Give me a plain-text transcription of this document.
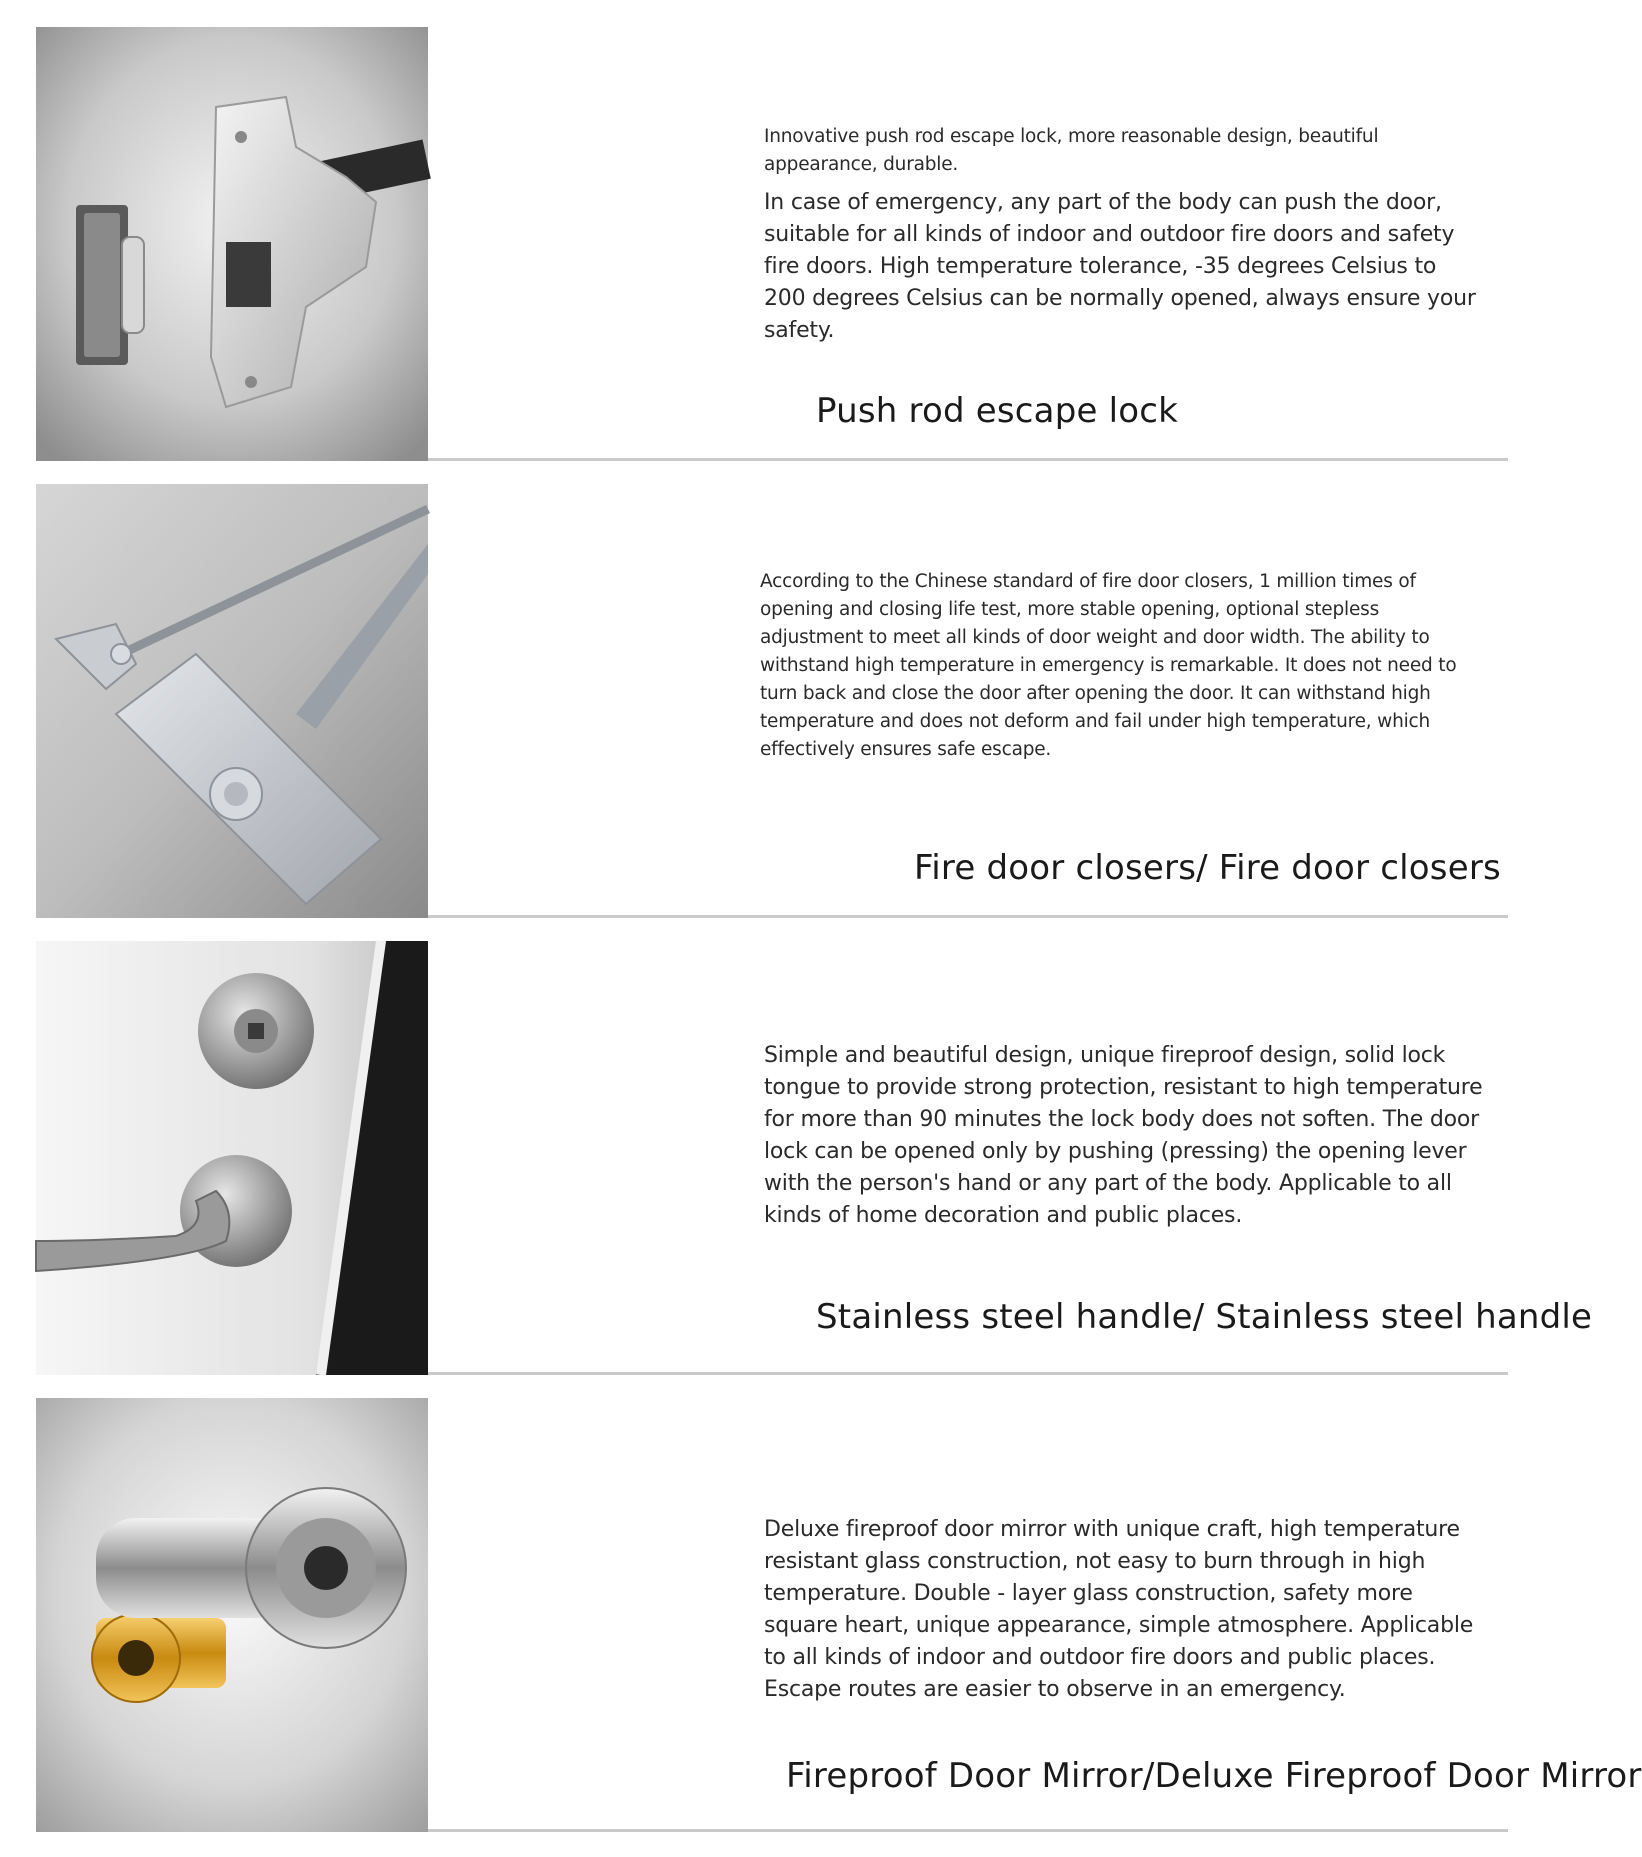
Innovative push rod escape lock, more reasonable design, beautiful appearance, durable.

In case of emergency, any part of the body can push the door, suitable for all kinds of indoor and outdoor fire doors and safety fire doors. High temperature tolerance, -35 degrees Celsius to 200 degrees Celsius can be normally opened, always ensure your safety.

Push rod escape lock

According to the Chinese standard of fire door closers, 1 million times of opening and closing life test, more stable opening, optional stepless adjustment to meet all kinds of door weight and door width. The ability to withstand high temperature in emergency is remarkable. It does not need to turn back and close the door after opening the door. It can withstand high temperature and does not deform and fail under high temperature, which effectively ensures safe escape.

Fire door closers/ Fire door closers

Simple and beautiful design, unique fireproof design, solid lock tongue to provide strong protection, resistant to high temperature for more than 90 minutes the lock body does not soften. The door lock can be opened only by pushing (pressing) the opening lever with the person's hand or any part of the body. Applicable to all kinds of home decoration and public places.

Stainless steel handle/ Stainless steel handle

Deluxe fireproof door mirror with unique craft, high temperature resistant glass construction, not easy to burn through in high temperature. Double - layer glass construction, safety more square heart, unique appearance, simple atmosphere. Applicable to all kinds of indoor and outdoor fire doors and public places. Escape routes are easier to observe in an emergency.

Fireproof Door Mirror/Deluxe Fireproof Door Mirror
